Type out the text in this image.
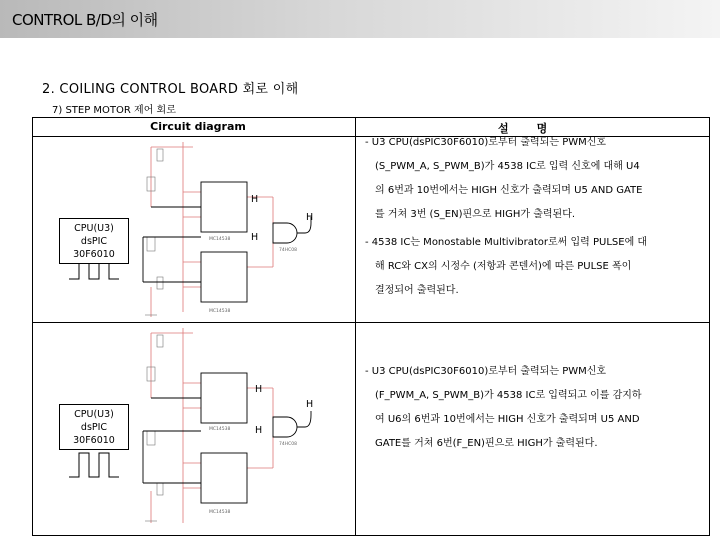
CONTROL B/D의 이해
2. COILING CONTROL BOARD 회로 이해
7) STEP MOTOR 제어 회로
Circuit diagram	설명
MC14538
74HC08
MC14538
CPU(U3)
dsPIC
30F6010
H
H
H
- U3 CPU(dsPIC30F6010)로부터 출력되는 PWM신호
(S_PWM_A, S_PWM_B)가 4538 IC로 입력 신호에 대해 U4
의 6번과 10번에서는 HIGH 신호가 출력되며 U5 AND GATE
를 거쳐 3번 (S_EN)핀으로 HIGH가 출력된다.
- 4538 IC는 Monostable Multivibrator로써 입력 PULSE에 대
해 RC와 CX의 시정수 (저항과 콘덴서)에 따른 PULSE 폭이
결정되어 출력된다.
MC14538
74HC08
MC14538
CPU(U3)
dsPIC
30F6010
H
H
H
- U3 CPU(dsPIC30F6010)로부터 출력되는 PWM신호
(F_PWM_A, S_PWM_B)가 4538 IC로 입력되고 이를 감지하
여 U6의 6번과 10번에서는 HIGH 신호가 출력되며 U5 AND
GATE를 거쳐 6번(F_EN)핀으로 HIGH가 출력된다.
